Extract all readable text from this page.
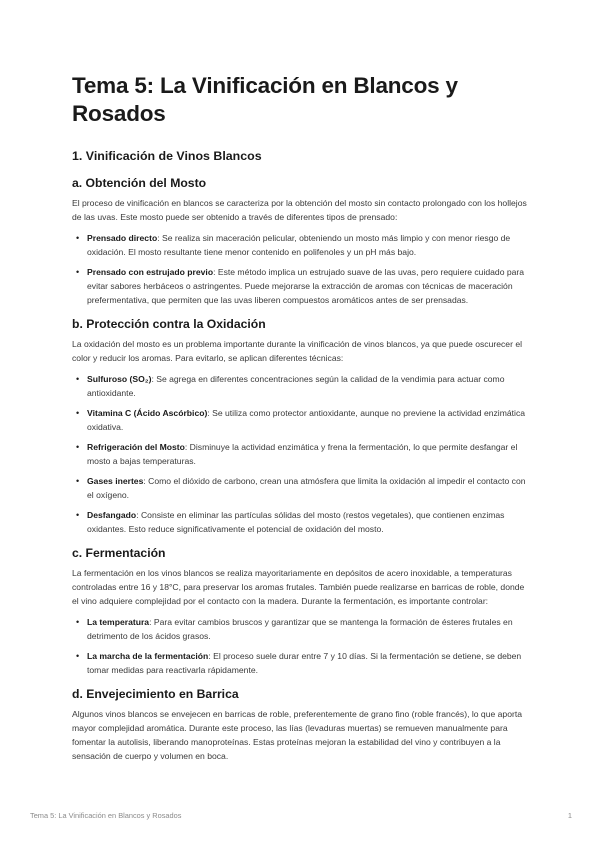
Tema 5: La Vinificación en Blancos y Rosados
1. Vinificación de Vinos Blancos
a. Obtención del Mosto

El proceso de vinificación en blancos se caracteriza por la obtención del mosto sin contacto prolongado con los hollejos de las uvas. Este mosto puede ser obtenido a través de diferentes tipos de prensado:

• Prensado directo: Se realiza sin maceración pelicular, obteniendo un mosto más limpio y con menor riesgo de oxidación. El mosto resultante tiene menor contenido en polifenoles y un pH más bajo.
• Prensado con estrujado previo: Este método implica un estrujado suave de las uvas, pero requiere cuidado para evitar sabores herbáceos o astringentes. Puede mejorarse la extracción de aromas con técnicas de maceración prefermentativa, que permiten que las uvas liberen compuestos aromáticos antes de ser prensadas.
b. Protección contra la Oxidación

La oxidación del mosto es un problema importante durante la vinificación de vinos blancos, ya que puede oscurecer el color y reducir los aromas. Para evitarlo, se aplican diferentes técnicas:

• Sulfuroso (SO₂): Se agrega en diferentes concentraciones según la calidad de la vendimia para actuar como antioxidante.
• Vitamina C (Ácido Ascórbico): Se utiliza como protector antioxidante, aunque no previene la actividad enzimática oxidativa.
• Refrigeración del Mosto: Disminuye la actividad enzimática y frena la fermentación, lo que permite desfangar el mosto a bajas temperaturas.
• Gases inertes: Como el dióxido de carbono, crean una atmósfera que limita la oxidación al impedir el contacto con el oxígeno.
• Desfangado: Consiste en eliminar las partículas sólidas del mosto (restos vegetales), que contienen enzimas oxidantes. Esto reduce significativamente el potencial de oxidación del mosto.
c. Fermentación

La fermentación en los vinos blancos se realiza mayoritariamente en depósitos de acero inoxidable, a temperaturas controladas entre 16 y 18°C, para preservar los aromas frutales. También puede realizarse en barricas de roble, donde el vino adquiere complejidad por el contacto con la madera. Durante la fermentación, es importante controlar:

• La temperatura: Para evitar cambios bruscos y garantizar que se mantenga la formación de ésteres frutales en detrimento de los ácidos grasos.
• La marcha de la fermentación: El proceso suele durar entre 7 y 10 días. Si la fermentación se detiene, se deben tomar medidas para reactivarla rápidamente.
d. Envejecimiento en Barrica

Algunos vinos blancos se envejecen en barricas de roble, preferentemente de grano fino (roble francés), lo que aporta mayor complejidad aromática. Durante este proceso, las lías (levaduras muertas) se remueven manualmente para fomentar la autolisis, liberando manoproteínas. Estas proteínas mejoran la estabilidad del vino y contribuyen a la sensación de cuerpo y volumen en boca.

Tema 5: La Vinificación en Blancos y Rosados	1
